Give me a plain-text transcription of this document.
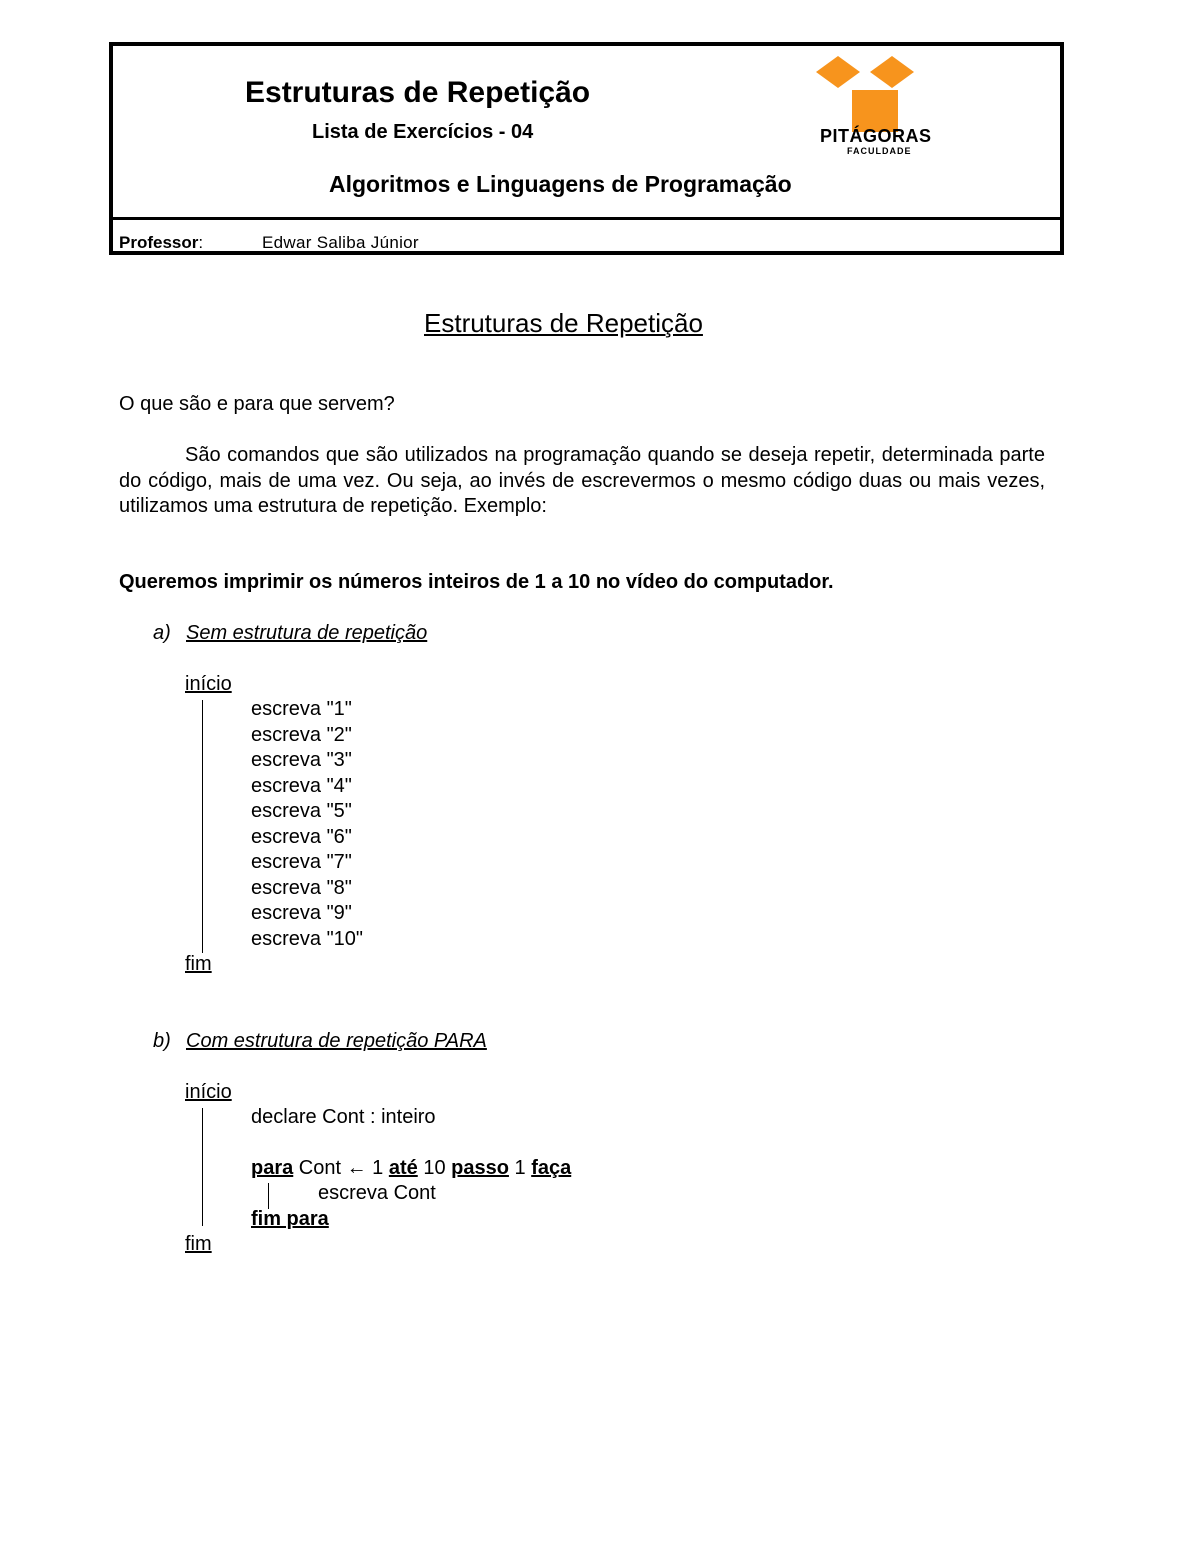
Estruturas de Repetição
Lista de Exercícios - 04
Algoritmos e Linguagens de Programação
PITÁGORAS
FACULDADE
Professor:	Edwar Saliba Júnior
Estruturas de Repetição
O que são e para que servem?
São comandos que são utilizados na programação quando se deseja repetir, determinada parte do código, mais de uma vez. Ou seja, ao invés de escrevermos o mesmo código duas ou mais vezes, utilizamos uma estrutura de repetição. Exemplo:
Queremos imprimir os números inteiros de 1 a 10 no vídeo do computador.
a) Sem estrutura de repetição
início
escreva "1"
escreva "2"
escreva "3"
escreva "4"
escreva "5"
escreva "6"
escreva "7"
escreva "8"
escreva "9"
escreva "10"
fim
b) Com estrutura de repetição PARA
início
declare Cont : inteiro
para Cont ← 1 até 10 passo 1 faça
escreva Cont
fim para
fim
